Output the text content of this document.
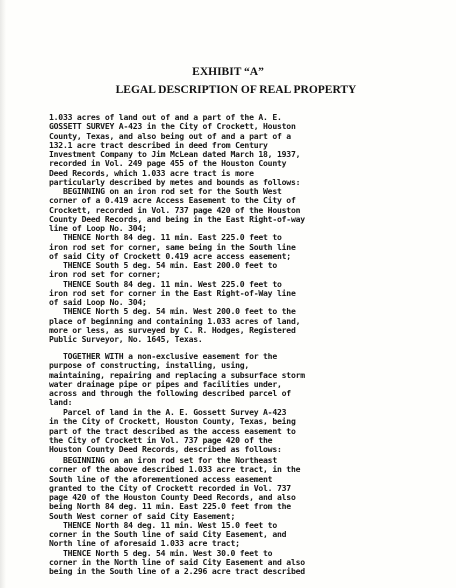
EXHIBIT “A”
LEGAL DESCRIPTION OF REAL PROPERTY
1.033 acres of land out of and a part of the A. E.
GOSSETT SURVEY A-423 in the City of Crockett, Houston
County, Texas, and also being out of and a part of a
132.1 acre tract described in deed from Century
Investment Company to Jim McLean dated March 18, 1937,
recorded in Vol. 249 page 455 of the Houston County
Deed Records, which 1.033 acre tract is more
particularly described by metes and bounds as follows:
BEGINNING on an iron rod set for the South West
corner of a 0.419 acre Access Easement to the City of
Crockett, recorded in Vol. 737 page 420 of the Houston
County Deed Records, and being in the East Right-of-way
line of Loop No. 304;
THENCE North 84 deg. 11 min. East 225.0 feet to
iron rod set for corner, same being in the South line
of said City of Crockett 0.419 acre access easement;
THENCE South 5 deg. 54 min. East 200.0 feet to
iron rod set for corner;
THENCE South 84 deg. 11 min. West 225.0 feet to
iron rod set for corner in the East Right-of-Way line
of said Loop No. 304;
THENCE North 5 deg. 54 min. West 200.0 feet to the
place of beginning and containing 1.033 acres of land,
more or less, as surveyed by C. R. Hodges, Registered
Public Surveyor, No. 1645, Texas.
TOGETHER WITH a non-exclusive easement for the
purpose of constructing, installing, using,
maintaining, repairing and replacing a subsurface storm
water drainage pipe or pipes and facilities under,
across and through the following described parcel of
land:
Parcel of land in the A. E. Gossett Survey A-423
in the City of Crockett, Houston County, Texas, being
part of the tract described as the access easement to
the City of Crockett in Vol. 737 page 420 of the
Houston County Deed Records, described as follows:
BEGINNING on an iron rod set for the Northeast
corner of the above described 1.033 acre tract, in the
South line of the aforementioned access easement
granted to the City of Crockett recorded in Vol. 737
page 420 of the Houston County Deed Records, and also
being North 84 deg. 11 min. East 225.0 feet from the
South West corner of said City Easement;
THENCE North 84 deg. 11 min. West 15.0 feet to
corner in the South line of said City Easement, and
North line of aforesaid 1.033 acre tract;
THENCE North 5 deg. 54 min. West 30.0 feet to
corner in the North line of said City Easement and also
being in the South line of a 2.296 acre tract described
